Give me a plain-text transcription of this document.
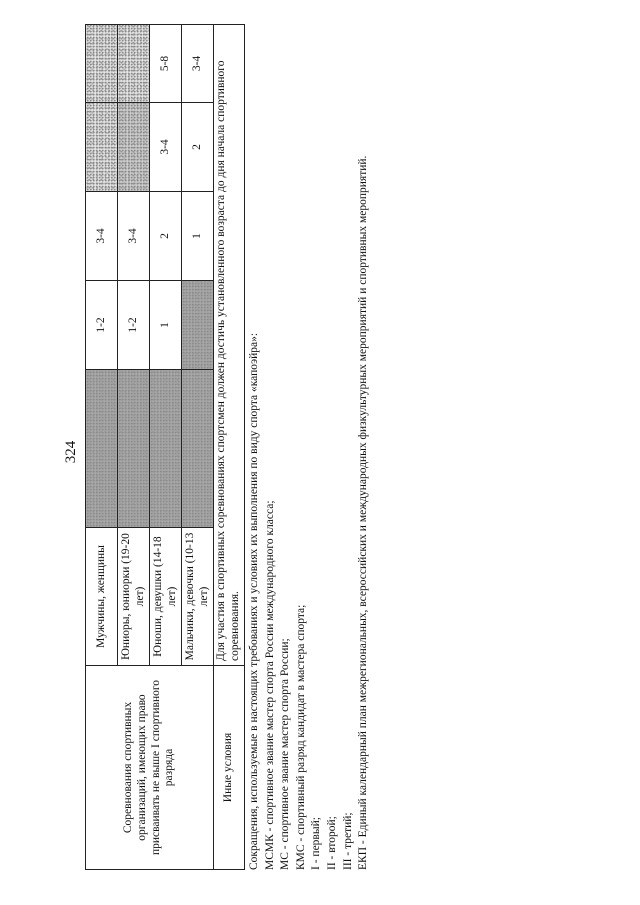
324
Соревнования спортивных организаций, имеющих право присваивать не выше I спортивного разряда	Мужчины, женщины		1-2	3-4		
	Юниоры, юниорки (19-20 лет)		1-2	3-4		
	Юноши, девушки (14-18 лет)		1	2	3-4	5-8
	Мальчики, девочки (10-13 лет)			1	2	3-4
Иные условия	Для участия в спортивных соревнованиях спортсмен должен достичь установленного возраста до дня начала спортивного соревнования.					Сокращения, используемые в настоящих требованиях и условиях их выполнения по виду спорта «капоэйра»: МСМК - спортивное звание мастер спорта России международного класса; МС - спортивное звание мастер спорта России; КМС - спортивный разряд кандидат в мастера спорта; I - первый; II - второй; III - третий; ЕКП - Единый календарный план межрегиональных, всероссийских и международных физкультурных мероприятий и спортивных мероприятий.
